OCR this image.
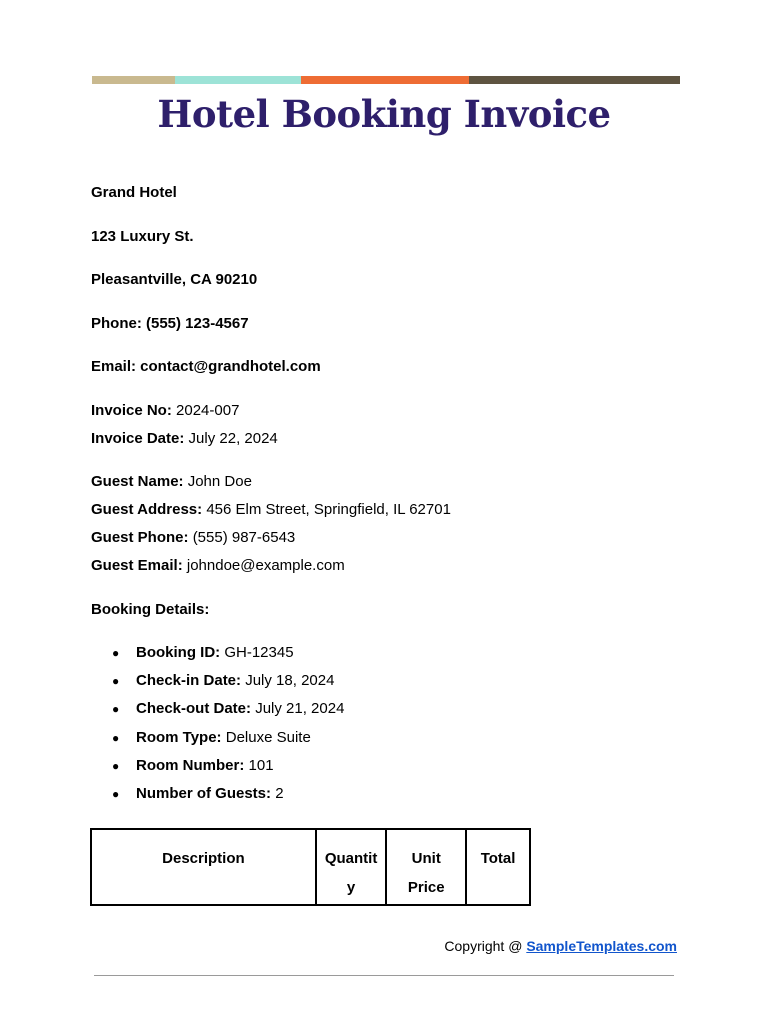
Hotel Booking Invoice

Grand Hotel

123 Luxury St.

Pleasantville, CA 90210

Phone: (555) 123-4567

Email: contact@grandhotel.com

Invoice No: 2024-007

Invoice Date: July 22, 2024

Guest Name: John Doe

Guest Address: 456 Elm Street, Springfield, IL 62701

Guest Phone: (555) 987-6543

Guest Email: johndoe@example.com

Booking Details:

●	Booking ID: GH-12345
●	Check-in Date: July 18, 2024
●	Check-out Date: July 21, 2024
●	Room Type: Deluxe Suite
●	Room Number: 101
●	Number of Guests: 2
Description	Quantity	Unit Price	Total
Copyright @ SampleTemplates.com
